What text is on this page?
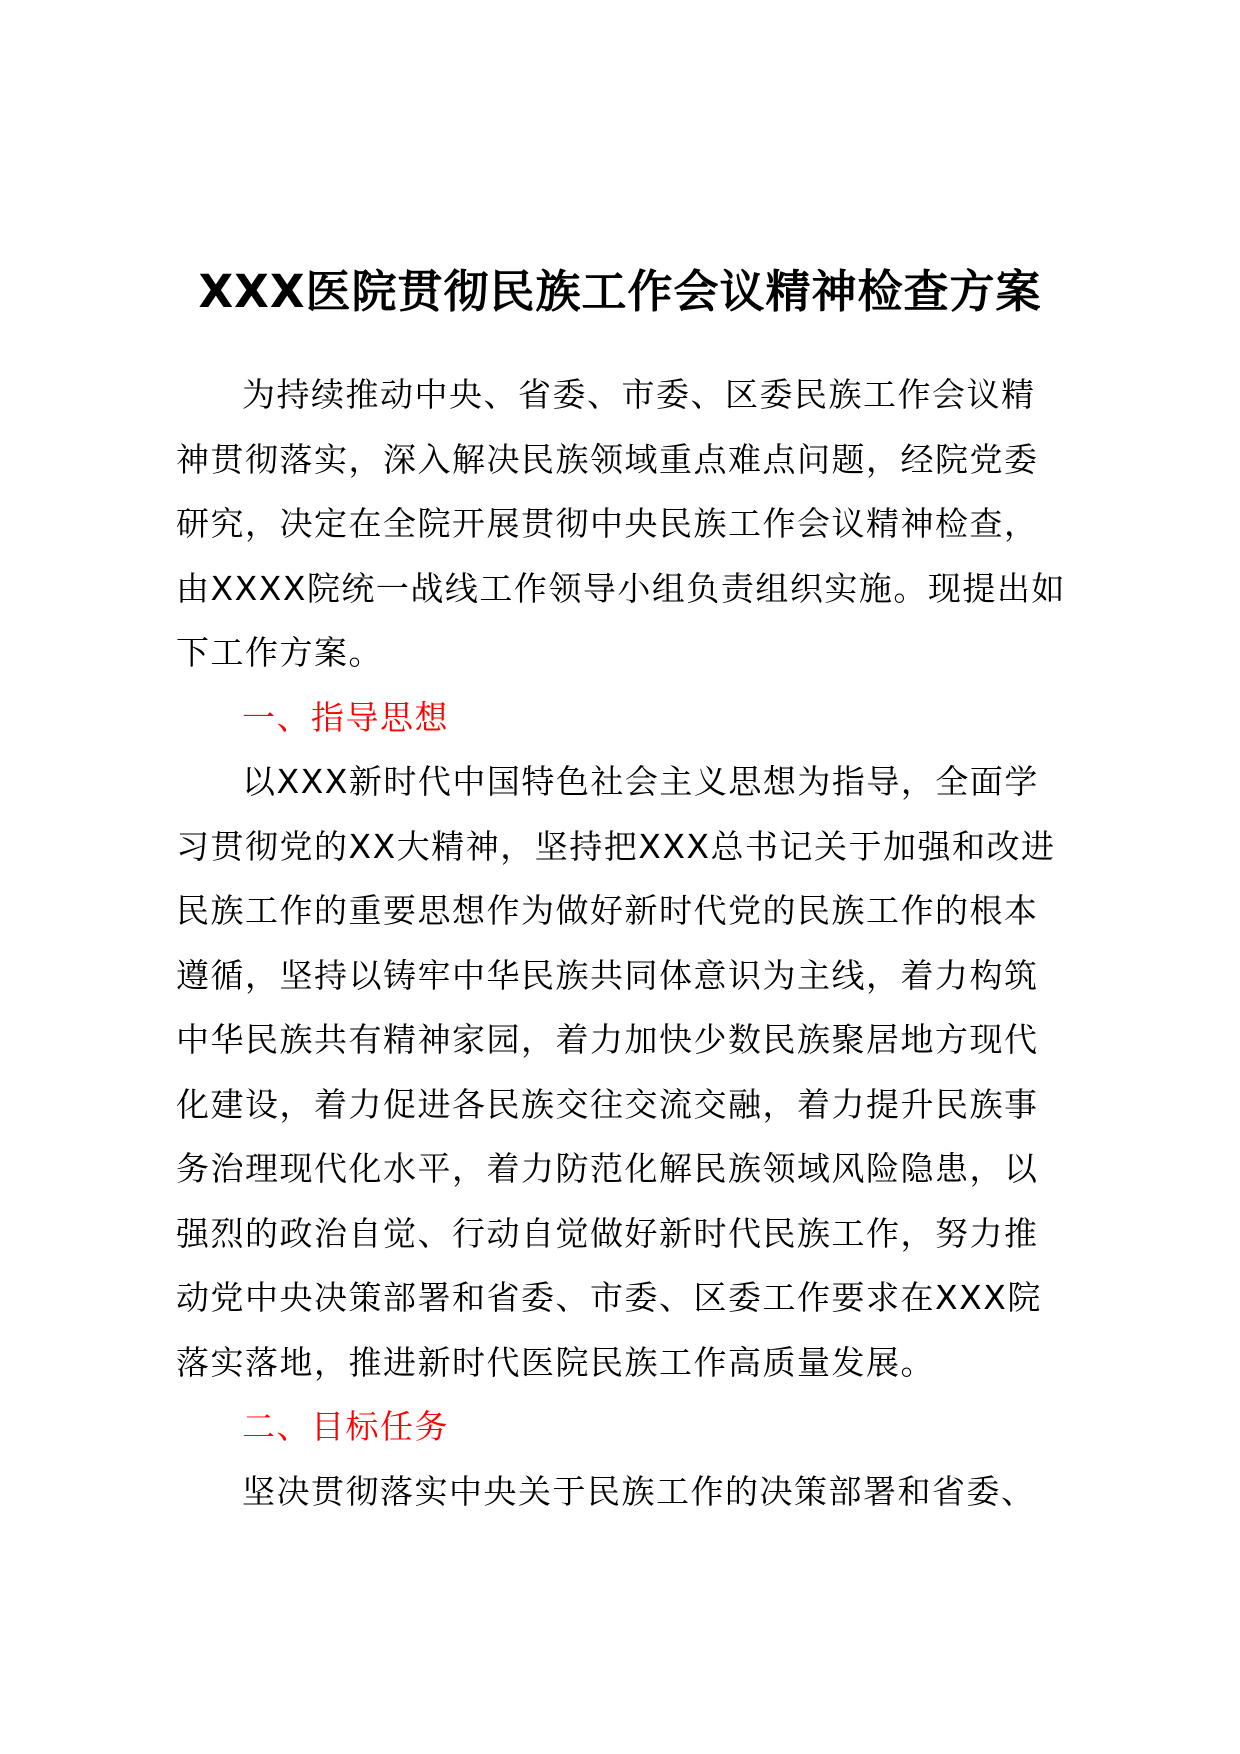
XXX医院贯彻民族工作会议精神检查方案

为持续推动中央、省委、市委、区委民族工作会议精

神贯彻落实，深入解决民族领域重点难点问题，经院党委

研究，决定在全院开展贯彻中央民族工作会议精神检查，

由XXXX院统一战线工作领导小组负责组织实施。现提出如

下工作方案。

一、指导思想

以XXX新时代中国特色社会主义思想为指导，全面学

习贯彻党的XX大精神，坚持把XXX总书记关于加强和改进

民族工作的重要思想作为做好新时代党的民族工作的根本

遵循，坚持以铸牢中华民族共同体意识为主线，着力构筑

中华民族共有精神家园，着力加快少数民族聚居地方现代

化建设，着力促进各民族交往交流交融，着力提升民族事

务治理现代化水平，着力防范化解民族领域风险隐患，以

强烈的政治自觉、行动自觉做好新时代民族工作，努力推

动党中央决策部署和省委、市委、区委工作要求在XXX院

落实落地，推进新时代医院民族工作高质量发展。

二、目标任务

坚决贯彻落实中央关于民族工作的决策部署和省委、
